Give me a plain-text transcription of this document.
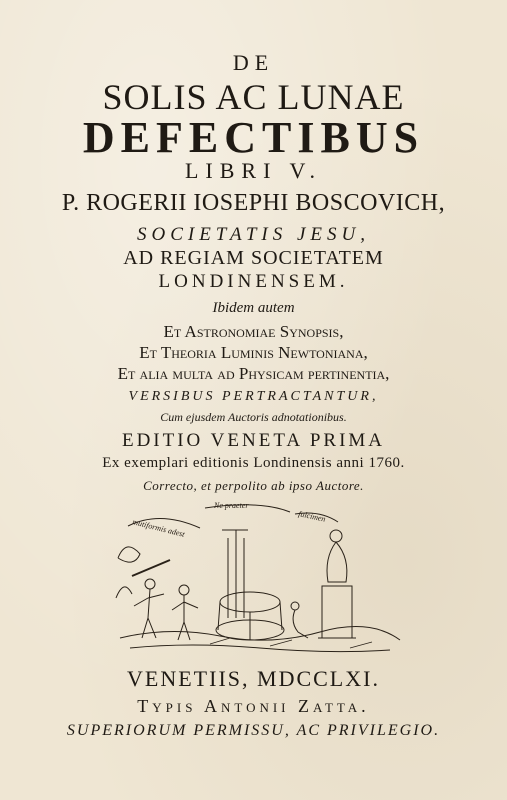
DE
SOLIS AC LUNAE
DEFECTIBUS
LIBRI V.
P. ROGERII IOSEPHI BOSCOVICH,
SOCIETATIS JESU,
AD REGIAM SOCIETATEM
LONDINENSEM.
Ibidem autem
Et Astronomiae Synopsis,
Et Theoria Luminis Newtoniana,
Et alia multa ad Physicam pertinentia,
VERSIBUS PERTRACTANTUR,
Cum ejusdem Auctoris adnotationibus.
EDITIO VENETA PRIMA
Ex exemplari editionis Londinensis anni 1760.
Correcto, et perpolito ab ipso Auctore.
mutiformis adest
Ne praeter
fulcimen
VENETIIS, MDCCLXI.
Typis Antonii Zatta.
SUPERIORUM PERMISSU, AC PRIVILEGIO.
